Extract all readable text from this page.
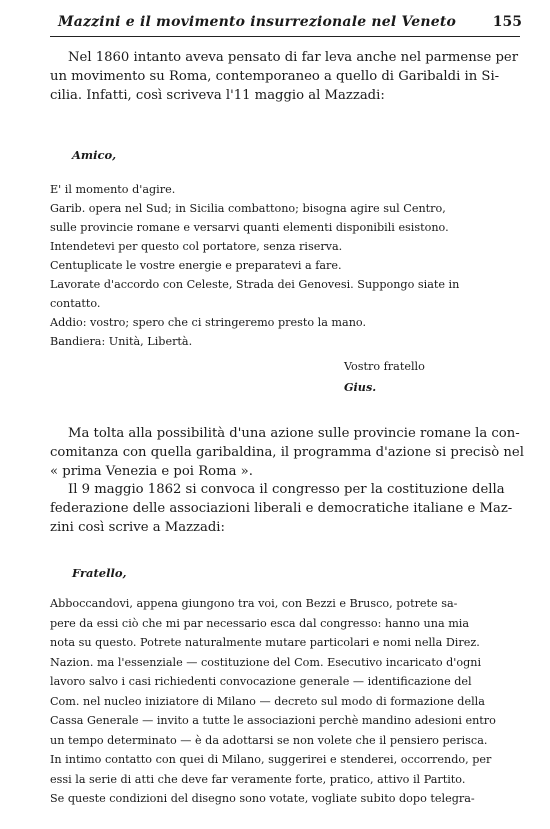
Mazzini e il movimento insurrezionale nel Veneto	155
Nel 1860 intanto aveva pensato di far leva anche nel parmense per
un movimento su Roma, contemporaneo a quello di Garibaldi in Si-
cilia. Infatti, così scriveva l'11 maggio al Mazzadi:
Amico,
E' il momento d'agire.
Garib. opera nel Sud; in Sicilia combattono; bisogna agire sul Centro,
sulle provincie romane e versarvi quanti elementi disponibili esistono.
Intendetevi per questo col portatore, senza riserva.
Centuplicate le vostre energie e preparatevi a fare.
Lavorate d'accordo con Celeste, Strada dei Genovesi. Suppongo siate in
contatto.
Addio: vostro; spero che ci stringeremo presto la mano.
Bandiera: Unità, Libertà.
Vostro fratello
Gius.
Ma tolta alla possibilità d'una azione sulle provincie romane la con-
comitanza con quella garibaldina, il programma d'azione si precisò nel
« prima Venezia e poi Roma ».
Il 9 maggio 1862 si convoca il congresso per la costituzione della
federazione delle associazioni liberali e democratiche italiane e Maz-
zini così scrive a Mazzadi:
Fratello,
Abboccandovi, appena giungono tra voi, con Bezzi e Brusco, potrete sa-
pere da essi ciò che mi par necessario esca dal congresso: hanno una mia
nota su questo. Potrete naturalmente mutare particolari e nomi nella Direz.
Nazion. ma l'essenziale — costituzione del Com. Esecutivo incaricato d'ogni
lavoro salvo i casi richiedenti convocazione generale — identificazione del
Com. nel nucleo iniziatore di Milano — decreto sul modo di formazione della
Cassa Generale — invito a tutte le associazioni perchè mandino adesioni entro
un tempo determinato — è da adottarsi se non volete che il pensiero perisca.
In intimo contatto con quei di Milano, suggerirei e stenderei, occorrendo, per
essi la serie di atti che deve far veramente forte, pratico, attivo il Partito.
Se queste condizioni del disegno sono votate, vogliate subito dopo telegra-
